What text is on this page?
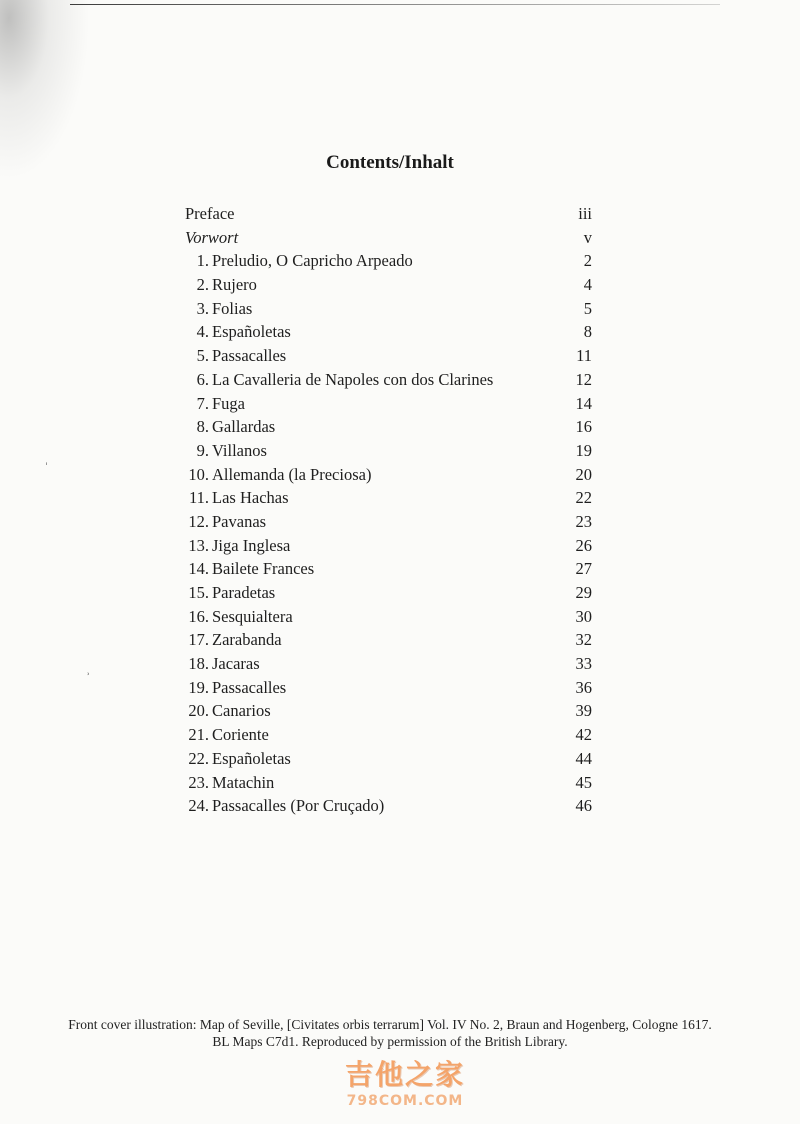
Contents/Inhalt
Preface	iii
Vorwort	v
1. Preludio, O Capricho Arpeado	2
2. Rujero	4
3. Folias	5
4. Españoletas	8
5. Passacalles	11
6. La Cavalleria de Napoles con dos Clarines	12
7. Fuga	14
8. Gallardas	16
9. Villanos	19
10. Allemanda (la Preciosa)	20
11. Las Hachas	22
12. Pavanas	23
13. Jiga Inglesa	26
14. Bailete Frances	27
15. Paradetas	29
16. Sesquialtera	30
17. Zarabanda	32
18. Jacaras	33
19. Passacalles	36
20. Canarios	39
21. Coriente	42
22. Españoletas	44
23. Matachin	45
24. Passacalles (Por Cruçado)	46
ˈ
ʾ
Front cover illustration: Map of Seville, [Civitates orbis terrarum] Vol. IV No. 2, Braun and Hogenberg, Cologne 1617.
BL Maps C7d1. Reproduced by permission of the British Library.
吉他之家
798COM.COM
